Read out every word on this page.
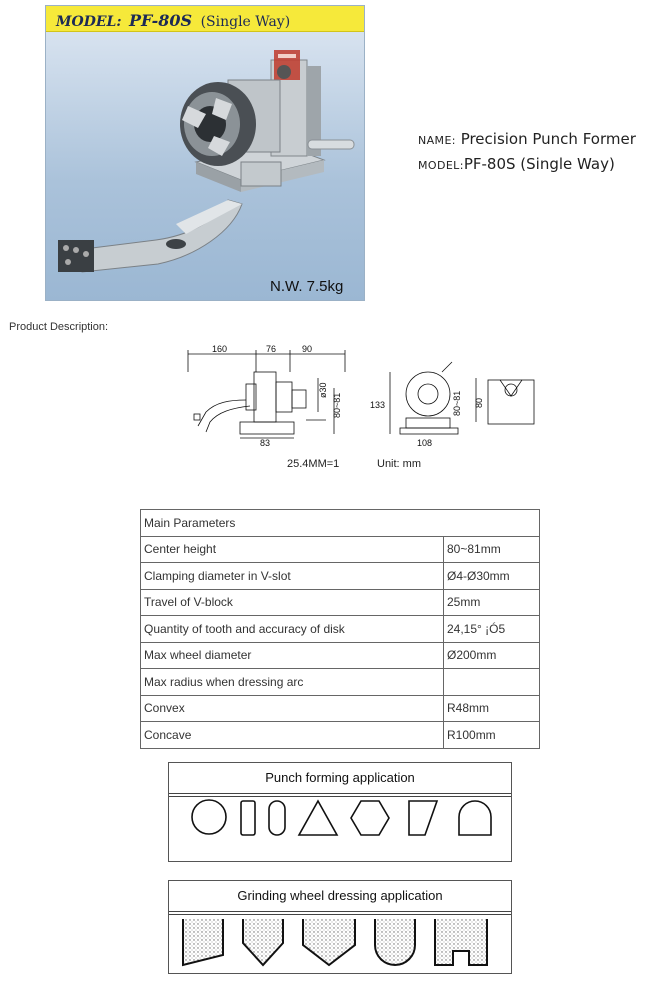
MODEL: PF-80S (Single Way)
N.W. 7.5kg
NAME: Precision Punch Former
MODEL:PF-80S (Single Way)
Product Description:
160	76	90
83
ø30
80~81	133
108
80~81 80
25.4MM=1	Unit: mm
Main Parameters	
Center height	80~81mm
Clamping diameter in V-slot	Ø4-Ø30mm
Travel of V-block	25mm
Quantity of tooth and accuracy of disk	24,15° ¡Ó5
Max wheel diameter	Ø200mm
Max radius when dressing arc	
Convex	R48mm
Concave	R100mm
Punch forming application
Grinding wheel dressing application
